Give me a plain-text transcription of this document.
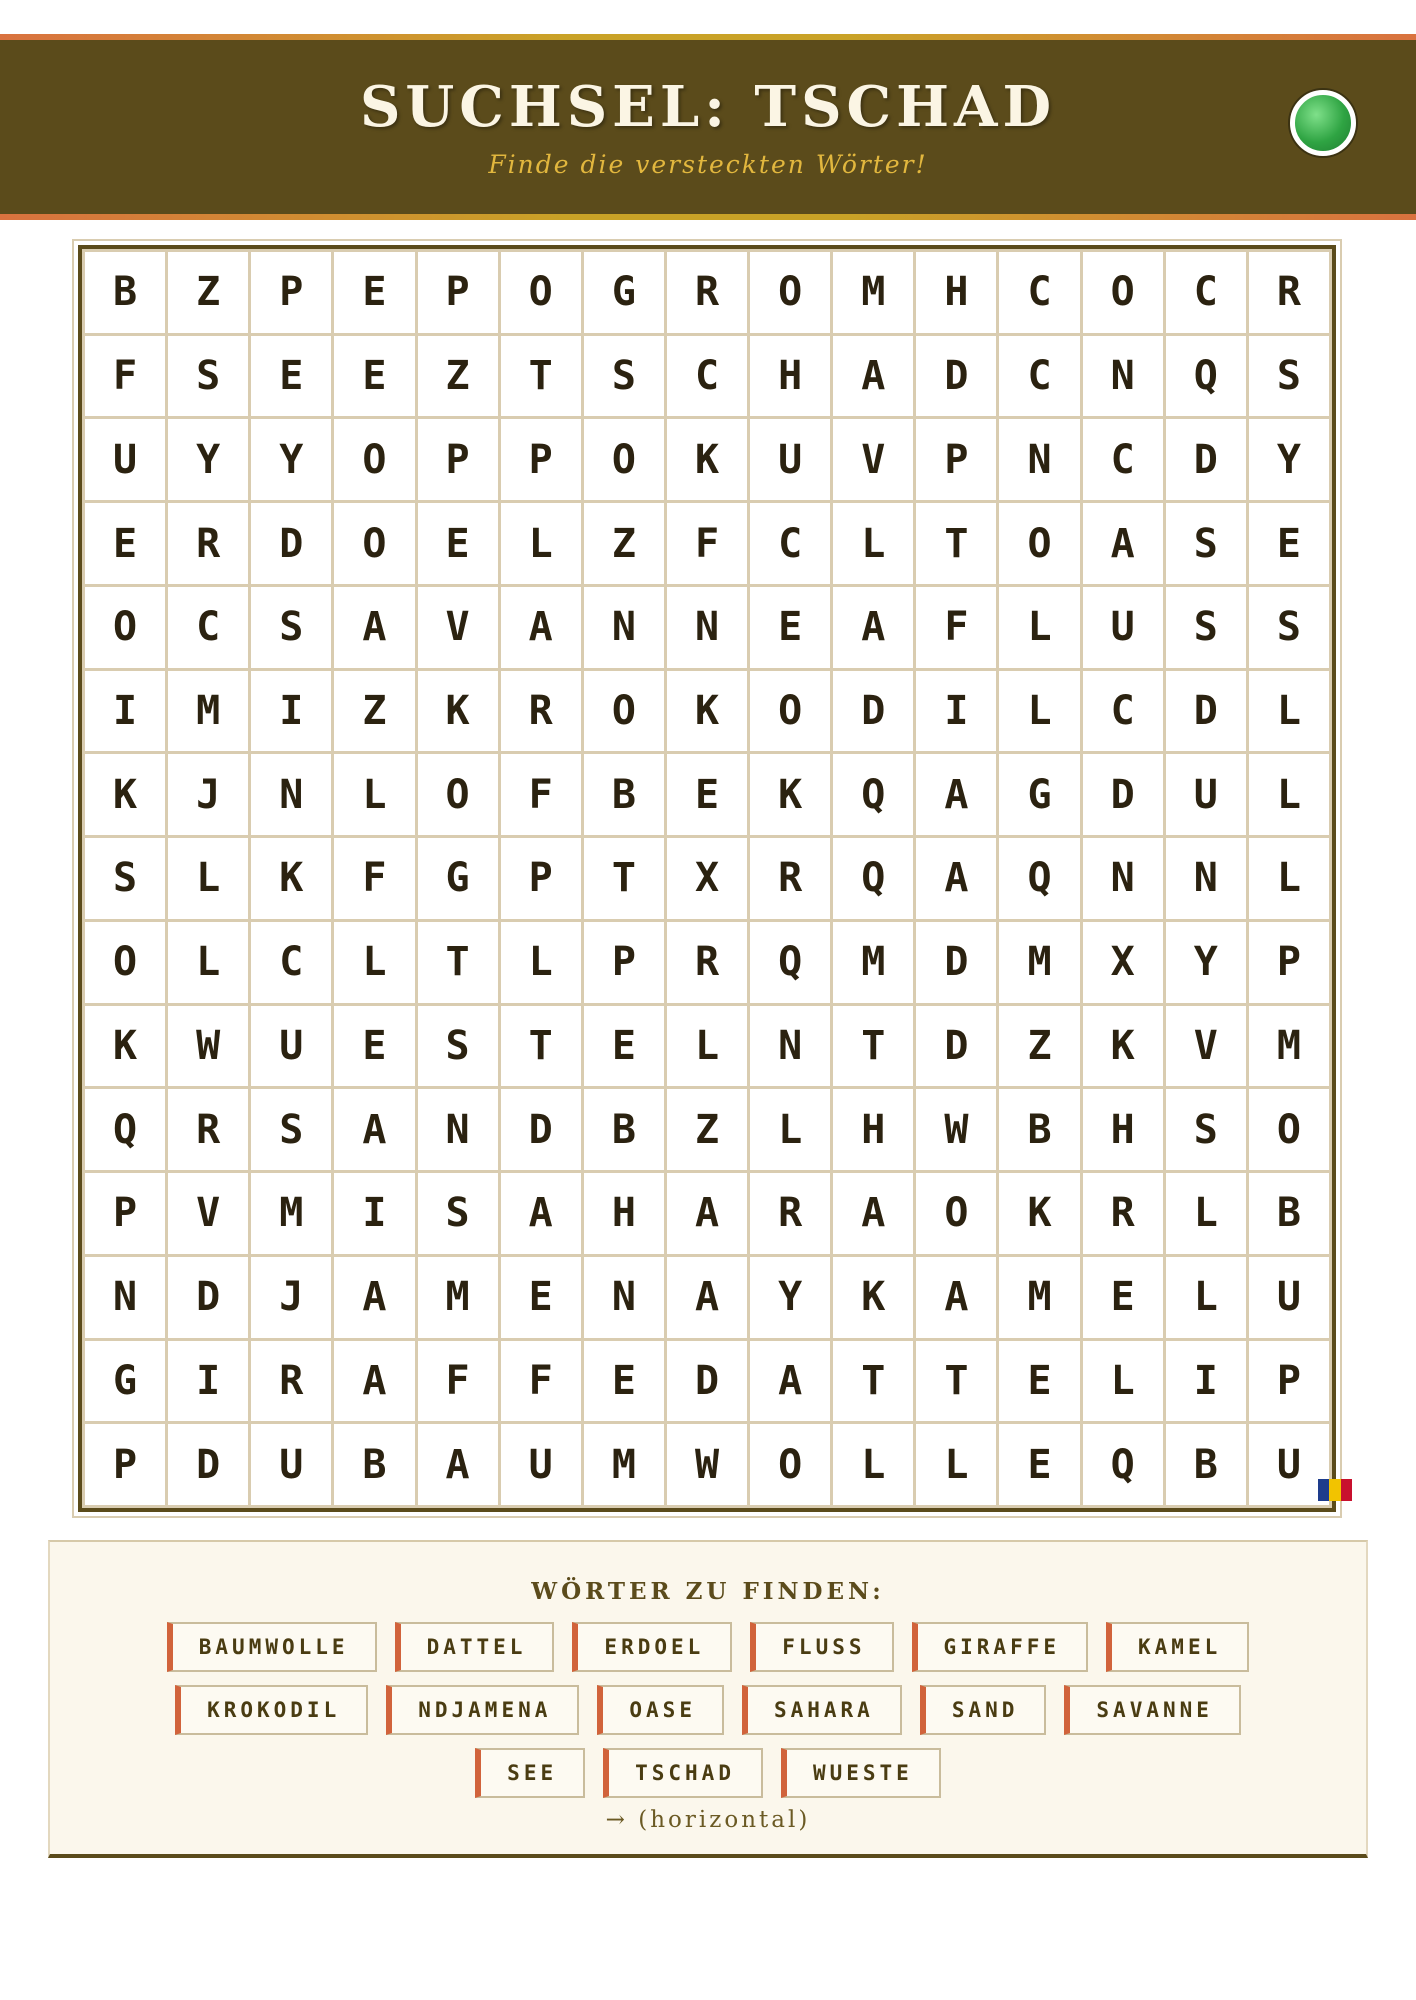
SUCHSEL: TSCHAD
Finde die versteckten Wörter!
B	Z	P	E	P	O	G	R	O	M	H	C	O	C	R
F	S	E	E	Z	T	S	C	H	A	D	C	N	Q	S
U	Y	Y	O	P	P	O	K	U	V	P	N	C	D	Y
E	R	D	O	E	L	Z	F	C	L	T	O	A	S	E
O	C	S	A	V	A	N	N	E	A	F	L	U	S	S
I	M	I	Z	K	R	O	K	O	D	I	L	C	D	L
K	J	N	L	O	F	B	E	K	Q	A	G	D	U	L
S	L	K	F	G	P	T	X	R	Q	A	Q	N	N	L
O	L	C	L	T	L	P	R	Q	M	D	M	X	Y	P
K	W	U	E	S	T	E	L	N	T	D	Z	K	V	M
Q	R	S	A	N	D	B	Z	L	H	W	B	H	S	O
P	V	M	I	S	A	H	A	R	A	O	K	R	L	B
N	D	J	A	M	E	N	A	Y	K	A	M	E	L	U
G	I	R	A	F	F	E	D	A	T	T	E	L	I	P
P	D	U	B	A	U	M	W	O	L	L	E	Q	B	U
WÖRTER ZU FINDEN:
BAUMWOLLE	DATTEL	ERDOEL	FLUSS	GIRAFFE	KAMEL
KROKODIL	NDJAMENA	OASE	SAHARA	SAND	SAVANNE
SEE	TSCHAD	WUESTE
→ (horizontal)
